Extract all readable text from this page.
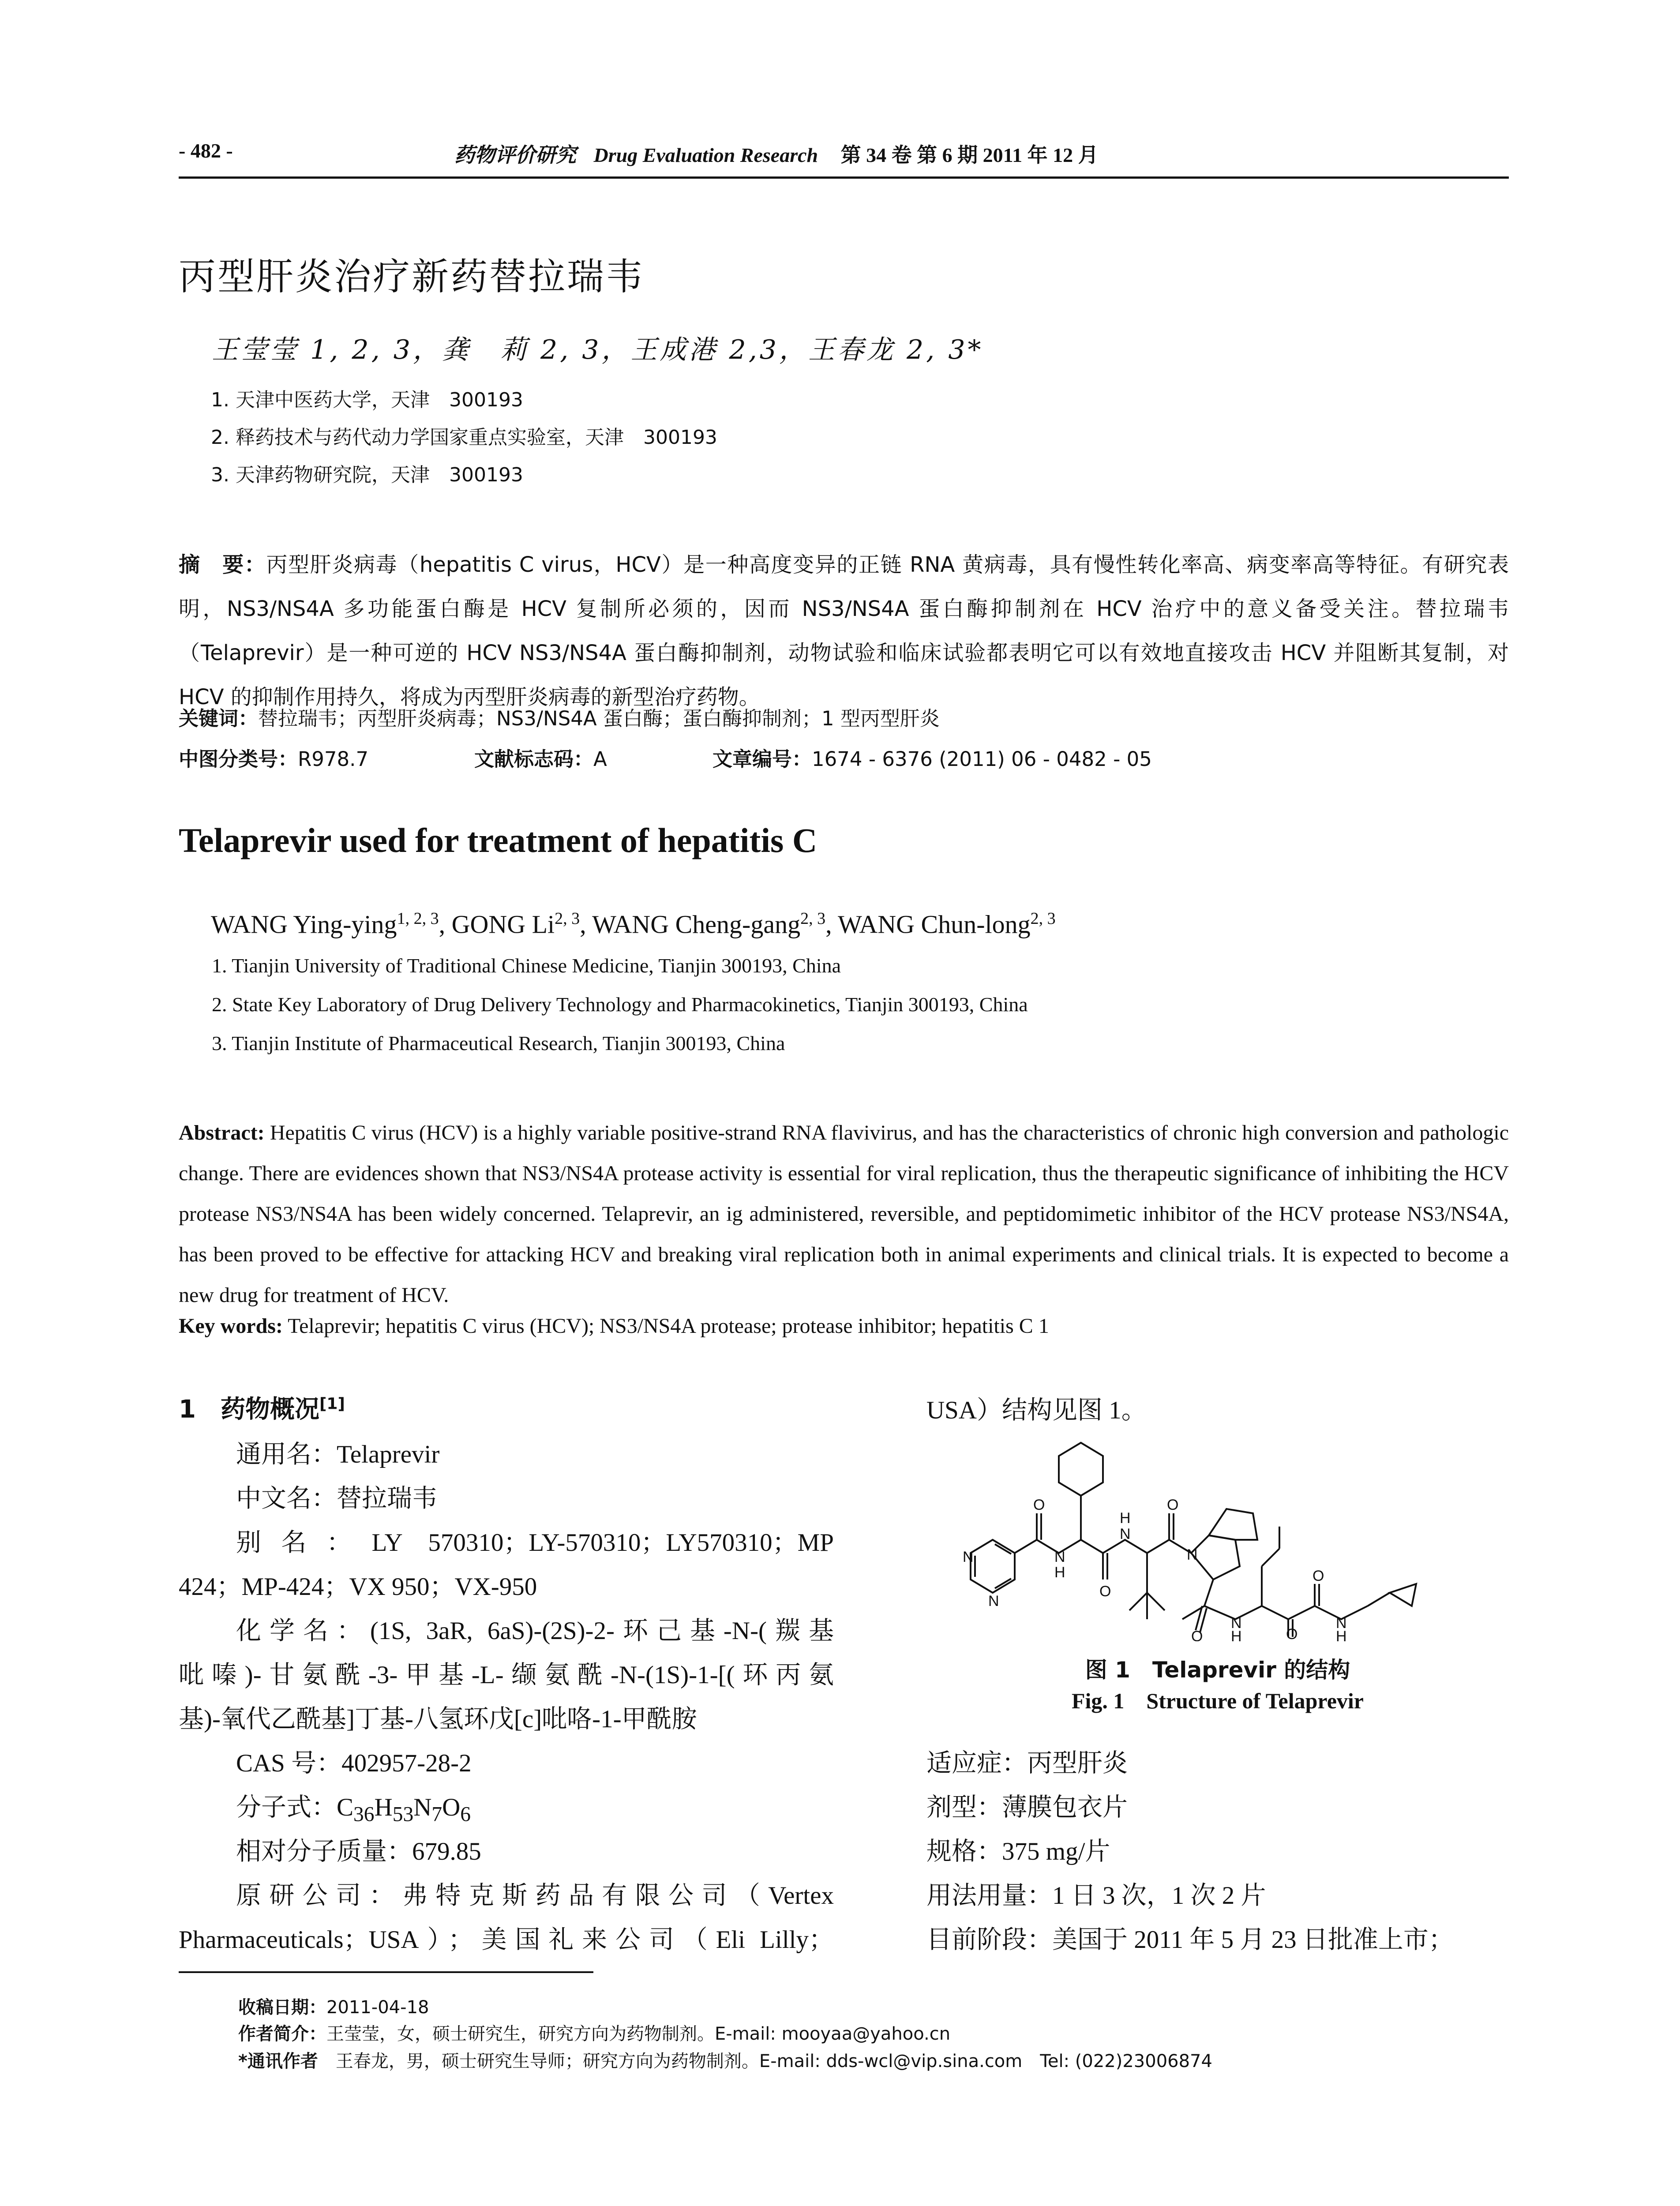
- 482 -	药物评价研究 Drug Evaluation Research 第 34 卷 第 6 期 2011 年 12 月
丙型肝炎治疗新药替拉瑞韦
王莹莹 1, 2, 3，龚　莉 2, 3，王成港 2,3，王春龙 2, 3*
1. 天津中医药大学，天津　300193
2. 释药技术与药代动力学国家重点实验室，天津　300193
3. 天津药物研究院，天津　300193
摘　要：丙型肝炎病毒（hepatitis C virus，HCV）是一种高度变异的正链 RNA 黄病毒，具有慢性转化率高、病变率高等特征。有研究表明，NS3/NS4A 多功能蛋白酶是 HCV 复制所必须的，因而 NS3/NS4A 蛋白酶抑制剂在 HCV 治疗中的意义备受关注。替拉瑞韦（Telaprevir）是一种可逆的 HCV NS3/NS4A 蛋白酶抑制剂，动物试验和临床试验都表明它可以有效地直接攻击 HCV 并阻断其复制，对 HCV 的抑制作用持久，将成为丙型肝炎病毒的新型治疗药物。
关键词：替拉瑞韦；丙型肝炎病毒；NS3/NS4A 蛋白酶；蛋白酶抑制剂；1 型丙型肝炎
中图分类号：R978.7	文献标志码：A	文章编号：1674 - 6376 (2011) 06 - 0482 - 05
Telaprevir used for treatment of hepatitis C
WANG Ying-ying$^{1, 2, 3}$, GONG Li$^{2, 3}$, WANG Cheng-gang$^{2, 3}$, WANG Chun-long$^{2, 3}$
1. Tianjin University of Traditional Chinese Medicine, Tianjin 300193, China
2. State Key Laboratory of Drug Delivery Technology and Pharmacokinetics, Tianjin 300193, China
3. Tianjin Institute of Pharmaceutical Research, Tianjin 300193, China
Abstract: Hepatitis C virus (HCV) is a highly variable positive-strand RNA flavivirus, and has the characteristics of chronic high conversion and pathologic change. There are evidences shown that NS3/NS4A protease activity is essential for viral replication, thus the therapeutic significance of inhibiting the HCV protease NS3/NS4A has been widely concerned. Telaprevir, an ig administered, reversible, and peptidomimetic inhibitor of the HCV protease NS3/NS4A, has been proved to be effective for attacking HCV and breaking viral replication both in animal experiments and clinical trials. It is expected to become a new drug for treatment of HCV.
Key words: Telaprevir; hepatitis C virus (HCV); NS3/NS4A protease; protease inhibitor; hepatitis C 1
1　药物概况[1]
通用名：Telaprevir
中文名：替拉瑞韦
别名：LY 570310；LY-570310；LY570310；MP
424；MP-424；VX 950；VX-950
化学名：(1S, 3aR, 6aS)-(2S)-2-环己基-N-(羰基
吡嗪)-甘氨酰-3-甲基-L-缬氨酰-N-(1S)-1-[(环丙氨
基)-氧代乙酰基]丁基-八氢环戊[c]吡咯-1-甲酰胺
CAS 号：402957-28-2
分子式：$C_{36}H_{53}N_7O_6$
相对分子质量：679.85
原研公司：弗特克斯药品有限公司（Vertex
Pharmaceuticals；USA）；美国礼来公司（Eli Lilly；
USA）结构见图 1。
N
N
O
N
H
O
N
H
O
N
O
N
H	O
O
N
H
图 1　Telaprevir 的结构
Fig. 1　Structure of Telaprevir
适应症：丙型肝炎
剂型：薄膜包衣片
规格：375 mg/片
用法用量：1 日 3 次，1 次 2 片
目前阶段：美国于 2011 年 5 月 23 日批准上市；
收稿日期：2011-04-18
作者简介：王莹莹，女，硕士研究生，研究方向为药物制剂。E-mail: mooyaa@yahoo.cn
*通讯作者　王春龙，男，硕士研究生导师；研究方向为药物制剂。E-mail: dds-wcl@vip.sina.com　Tel: (022)23006874
